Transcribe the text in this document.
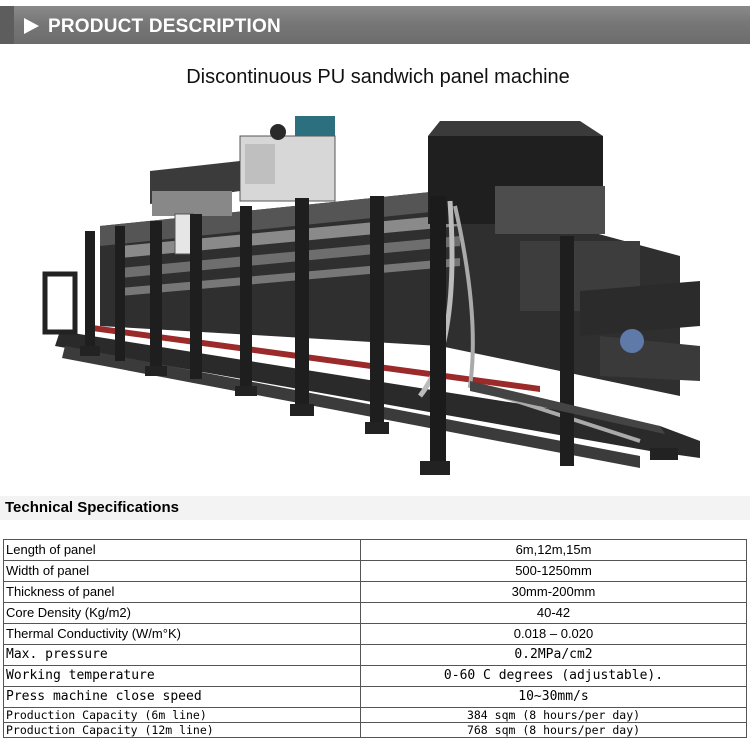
PRODUCT DESCRIPTION
Discontinuous PU sandwich panel machine
Technical Specifications
Length of panel	6m,12m,15m
Width of panel	500-1250mm
Thickness of panel	30mm-200mm
Core Density (Kg/m2)	40-42
Thermal Conductivity (W/m°K)	0.018 – 0.020
Max. pressure	0.2MPa/cm2
Working temperature	0-60 C degrees (adjustable).
Press machine close speed	10~30mm/s
Production Capacity (6m line)	384 sqm (8 hours/per day)
Production Capacity (12m line)	768 sqm (8 hours/per day)
